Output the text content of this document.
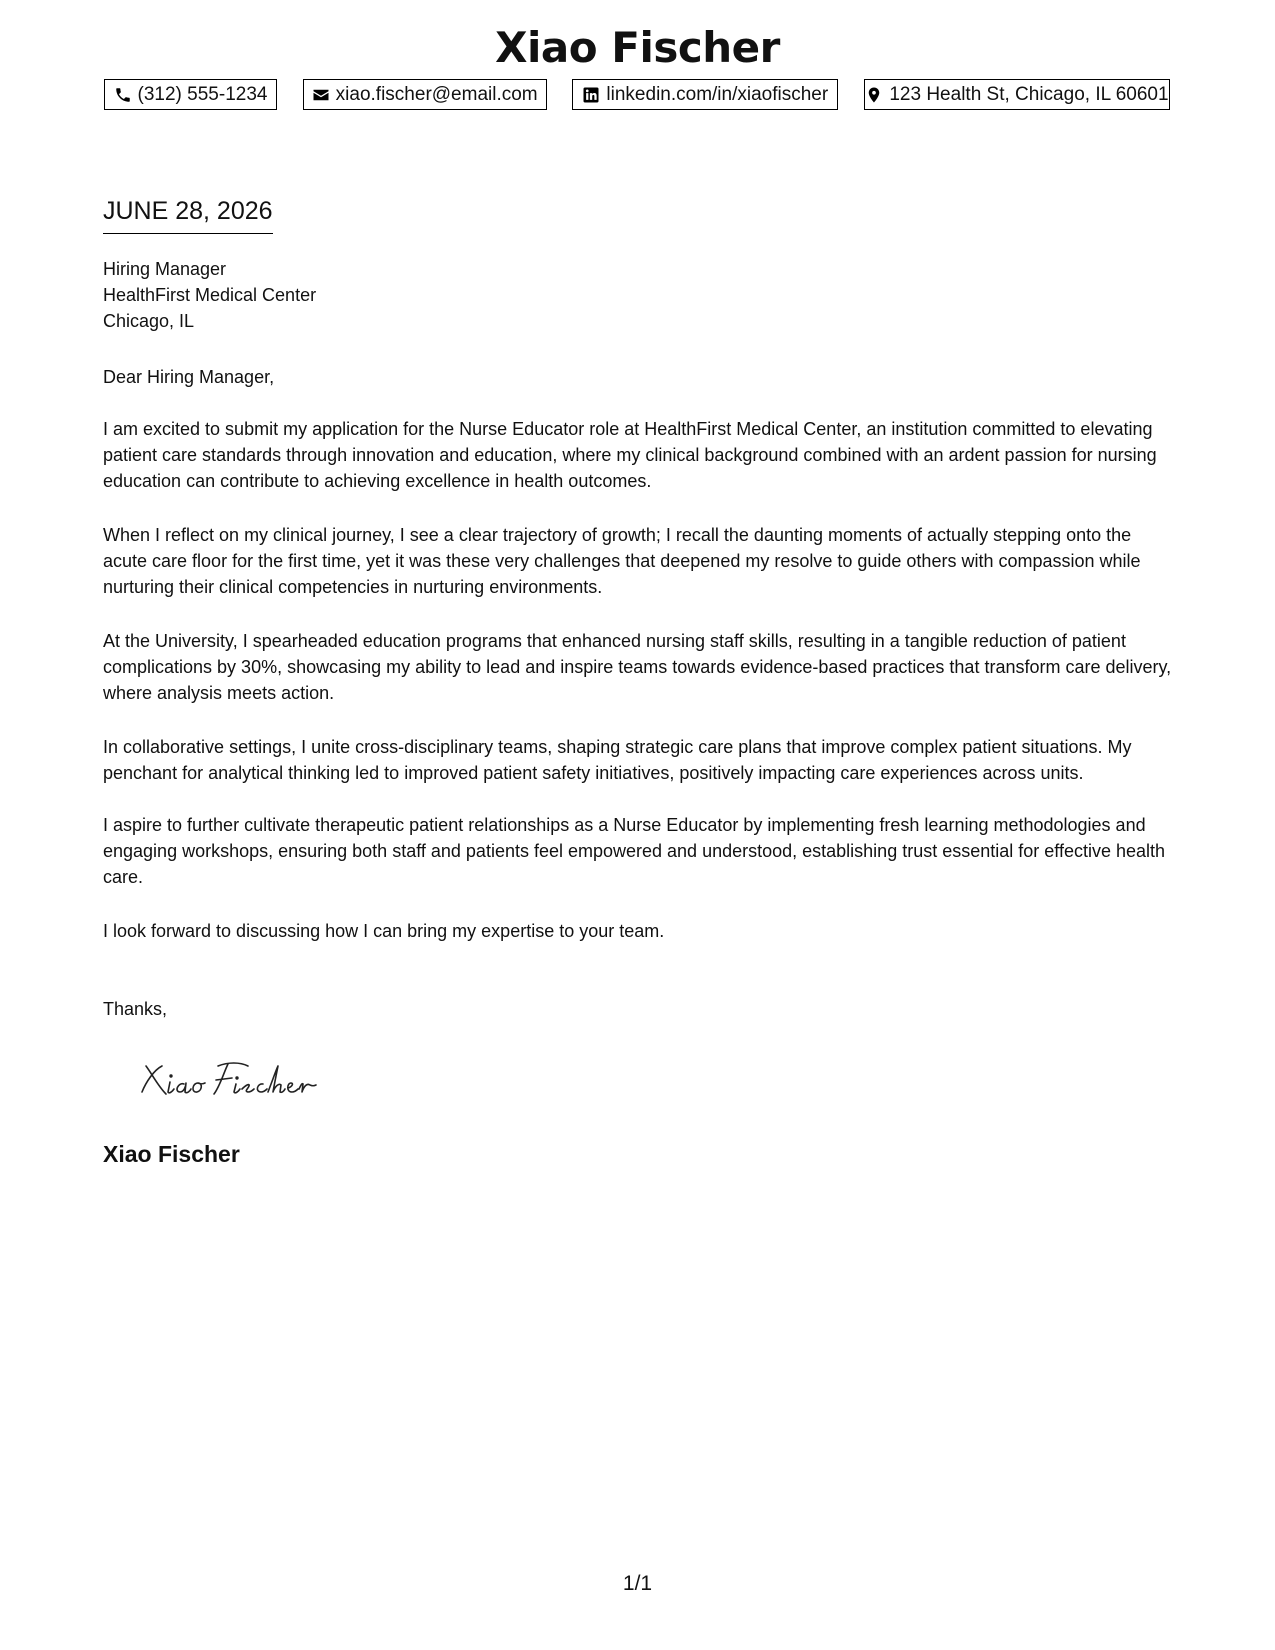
Xiao Fischer
(312) 555-1234	xiao.fischer@email.com	linkedin.com/in/xiaofischer	123 Health St, Chicago, IL 60601
JUNE 28, 2026
Hiring Manager
HealthFirst Medical Center
Chicago, IL
Dear Hiring Manager,
I am excited to submit my application for the Nurse Educator role at HealthFirst Medical Center, an institution committed to elevating patient care standards through innovation and education, where my clinical background combined with an ardent passion for nursing education can contribute to achieving excellence in health outcomes.
When I reflect on my clinical journey, I see a clear trajectory of growth; I recall the daunting moments of actually stepping onto the acute care floor for the first time, yet it was these very challenges that deepened my resolve to guide others with compassion while nurturing their clinical competencies in nurturing environments.
At the University, I spearheaded education programs that enhanced nursing staff skills, resulting in a tangible reduction of patient complications by 30%, showcasing my ability to lead and inspire teams towards evidence-based practices that transform care delivery, where analysis meets action.
In collaborative settings, I unite cross-disciplinary teams, shaping strategic care plans that improve complex patient situations. My penchant for analytical thinking led to improved patient safety initiatives, positively impacting care experiences across units.
I aspire to further cultivate therapeutic patient relationships as a Nurse Educator by implementing fresh learning methodologies and engaging workshops, ensuring both staff and patients feel empowered and understood, establishing trust essential for effective health care.
I look forward to discussing how I can bring my expertise to your team.
Thanks,
Xiao Fischer
1/1
